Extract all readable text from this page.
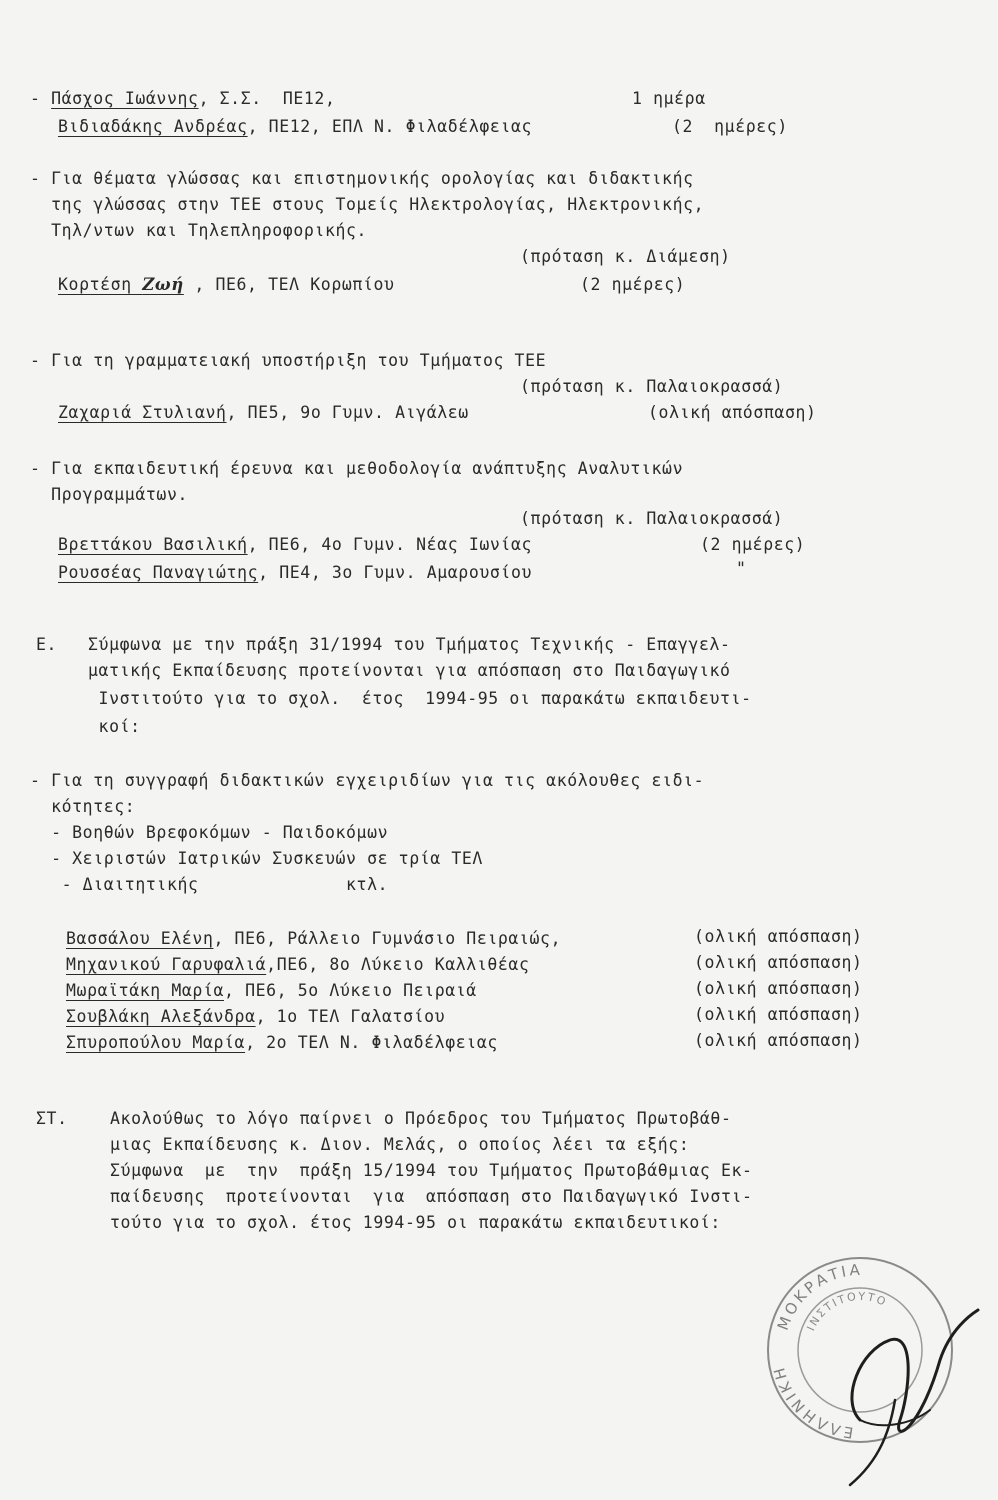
- Πάσχος Ιωάννης, Σ.Σ.  ΠΕ12,	1 ημέρα
Βιδιαδάκης Ανδρέας, ΠΕ12, ΕΠΛ Ν. Φιλαδέλφειας	(2  ημέρες)
- Για θέματα γλώσσας και επιστημονικής ορολογίας και διδακτικής
της γλώσσας στην ΤΕΕ στους Τομείς Ηλεκτρολογίας, Ηλεκτρονικής,
Τηλ/ντων και Τηλεπληροφορικής.
(πρόταση κ. Διάμεση)
Κορτέση Ζωή , ΠΕ6, ΤΕΛ Κορωπίου	(2 ημέρες)
- Για τη γραμματειακή υποστήριξη του Τμήματος ΤΕΕ
(πρόταση κ. Παλαιοκρασσά)
Ζαχαριά Στυλιανή, ΠΕ5, 9ο Γυμν. Αιγάλεω	(ολική απόσπαση)
- Για εκπαιδευτική έρευνα και μεθοδολογία ανάπτυξης Αναλυτικών
Προγραμμάτων.
(πρόταση κ. Παλαιοκρασσά)
Βρεττάκου Βασιλική, ΠΕ6, 4ο Γυμν. Νέας Ιωνίας	(2 ημέρες)
Ρουσσέας Παναγιώτης, ΠΕ4, 3ο Γυμν. Αμαρουσίου	"
Ε. Σύμφωνα με την πράξη 31/1994 του Τμήματος Τεχνικής - Επαγγελ-
ματικής Εκπαίδευσης προτείνονται για απόσπαση στο Παιδαγωγικό
Ινστιτούτο για το σχολ.  έτος  1994-95 οι παρακάτω εκπαιδευτι-
κοί:
- Για τη συγγραφή διδακτικών εγχειριδίων για τις ακόλουθες ειδι-
κότητες:
- Βοηθών Βρεφοκόμων - Παιδοκόμων
- Χειριστών Ιατρικών Συσκευών σε τρία ΤΕΛ
- Διαιτητικής              κτλ.
Βασσάλου Ελένη, ΠΕ6, Ράλλειο Γυμνάσιο Πειραιώς,	(ολική απόσπαση)
Μηχανικού Γαρυφαλιά,ΠΕ6, 8ο Λύκειο Καλλιθέας	(ολική απόσπαση)
Μωραϊτάκη Μαρία, ΠΕ6, 5ο Λύκειο Πειραιά	(ολική απόσπαση)
Σουβλάκη Αλεξάνδρα, 1ο ΤΕΛ Γαλατσίου	(ολική απόσπαση)
Σπυροπούλου Μαρία, 2ο ΤΕΛ Ν. Φιλαδέλφειας	(ολική απόσπαση)
ΣΤ.	Ακολούθως το λόγο παίρνει ο Πρόεδρος του Τμήματος Πρωτοβάθ-
μιας Εκπαίδευσης κ. Διον. Μελάς, ο οποίος λέει τα εξής:
Σύμφωνα  με  την  πράξη 15/1994 του Τμήματος Πρωτοβάθμιας Εκ-
παίδευσης  προτείνονται  για  απόσπαση στο Παιδαγωγικό Ινστι-
τούτο για το σχολ. έτος 1994-95 οι παρακάτω εκπαιδευτικοί:
ΜΟΚΡΑΤΙΑ
ΙΝΣΤΙΤΟΥΤΟ
ΕΛΛΗΝΙΚΗ
